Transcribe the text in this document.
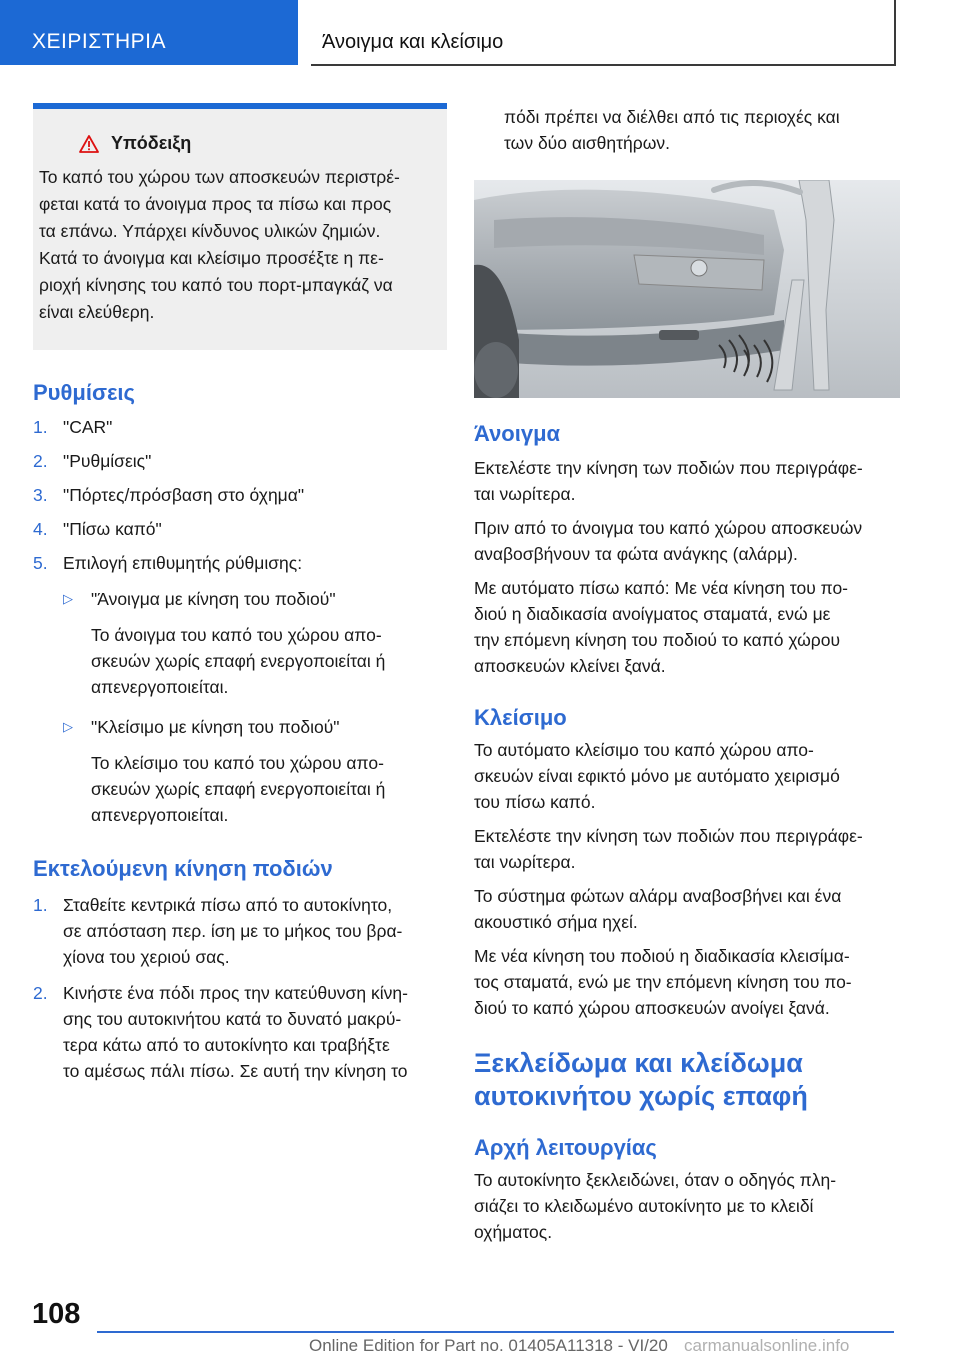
ΧΕΙΡΙΣΤΗΡΙΑ	Άνοιγμα και κλείσιμο
Υπόδειξη

Το καπό του χώρου των αποσκευών περιστρέ‐

φεται κατά το άνοιγμα προς τα πίσω και προς

τα επάνω. Υπάρχει κίνδυνος υλικών ζημιών.

Κατά το άνοιγμα και κλείσιμο προσέξτε η πε‐

ριοχή κίνησης του καπό του πορτ-μπαγκάζ να

είναι ελεύθερη.

Ρυθμίσεις
1. "CAR"
2. "Ρυθμίσεις"
3. "Πόρτες/πρόσβαση στο όχημα"
4. "Πίσω καπό"
5. Επιλογή επιθυμητής ρύθμισης:
▷ "Άνοιγμα με κίνηση του ποδιού"
Το άνοιγμα του καπό του χώρου απο‐
σκευών χωρίς επαφή ενεργοποιείται ή
απενεργοποιείται.
▷ "Κλείσιμο με κίνηση του ποδιού"
Το κλείσιμο του καπό του χώρου απο‐
σκευών χωρίς επαφή ενεργοποιείται ή
απενεργοποιείται.
Εκτελούμενη κίνηση ποδιών
1. Σταθείτε κεντρικά πίσω από το αυτοκίνητο,
σε απόσταση περ. ίση με το μήκος του βρα‐
χίονα του χεριού σας.
2. Κινήστε ένα πόδι προς την κατεύθυνση κίνη‐
σης του αυτοκινήτου κατά το δυνατό μακρύ‐
τερα κάτω από το αυτοκίνητο και τραβήξτε
το αμέσως πάλι πίσω. Σε αυτή την κίνηση το

πόδι πρέπει να διέλθει από τις περιοχές και

των δύο αισθητήρων.

Άνοιγμα

Εκτελέστε την κίνηση των ποδιών που περιγράφε‐

ται νωρίτερα.

Πριν από το άνοιγμα του καπό χώρου αποσκευών

αναβοσβήνουν τα φώτα ανάγκης (αλάρμ).

Με αυτόματο πίσω καπό: Με νέα κίνηση του πο‐

διού η διαδικασία ανοίγματος σταματά, ενώ με

την επόμενη κίνηση του ποδιού το καπό χώρου

αποσκευών κλείνει ξανά.

Κλείσιμο

Το αυτόματο κλείσιμο του καπό χώρου απο‐

σκευών είναι εφικτό μόνο με αυτόματο χειρισμό

του πίσω καπό.

Εκτελέστε την κίνηση των ποδιών που περιγράφε‐

ται νωρίτερα.

Το σύστημα φώτων αλάρμ αναβοσβήνει και ένα

ακουστικό σήμα ηχεί.

Με νέα κίνηση του ποδιού η διαδικασία κλεισίμα‐

τος σταματά, ενώ με την επόμενη κίνηση του πο‐

διού το καπό χώρου αποσκευών ανοίγει ξανά.

Ξεκλείδωμα και κλείδωμα
αυτοκινήτου χωρίς επαφή
Αρχή λειτουργίας

Το αυτοκίνητο ξεκλειδώνει, όταν ο οδηγός πλη‐

σιάζει το κλειδωμένο αυτοκίνητο με το κλειδί

οχήματος.

108
Online Edition for Part no. 01405A11318 - VI/20 carmanualsonline.info
